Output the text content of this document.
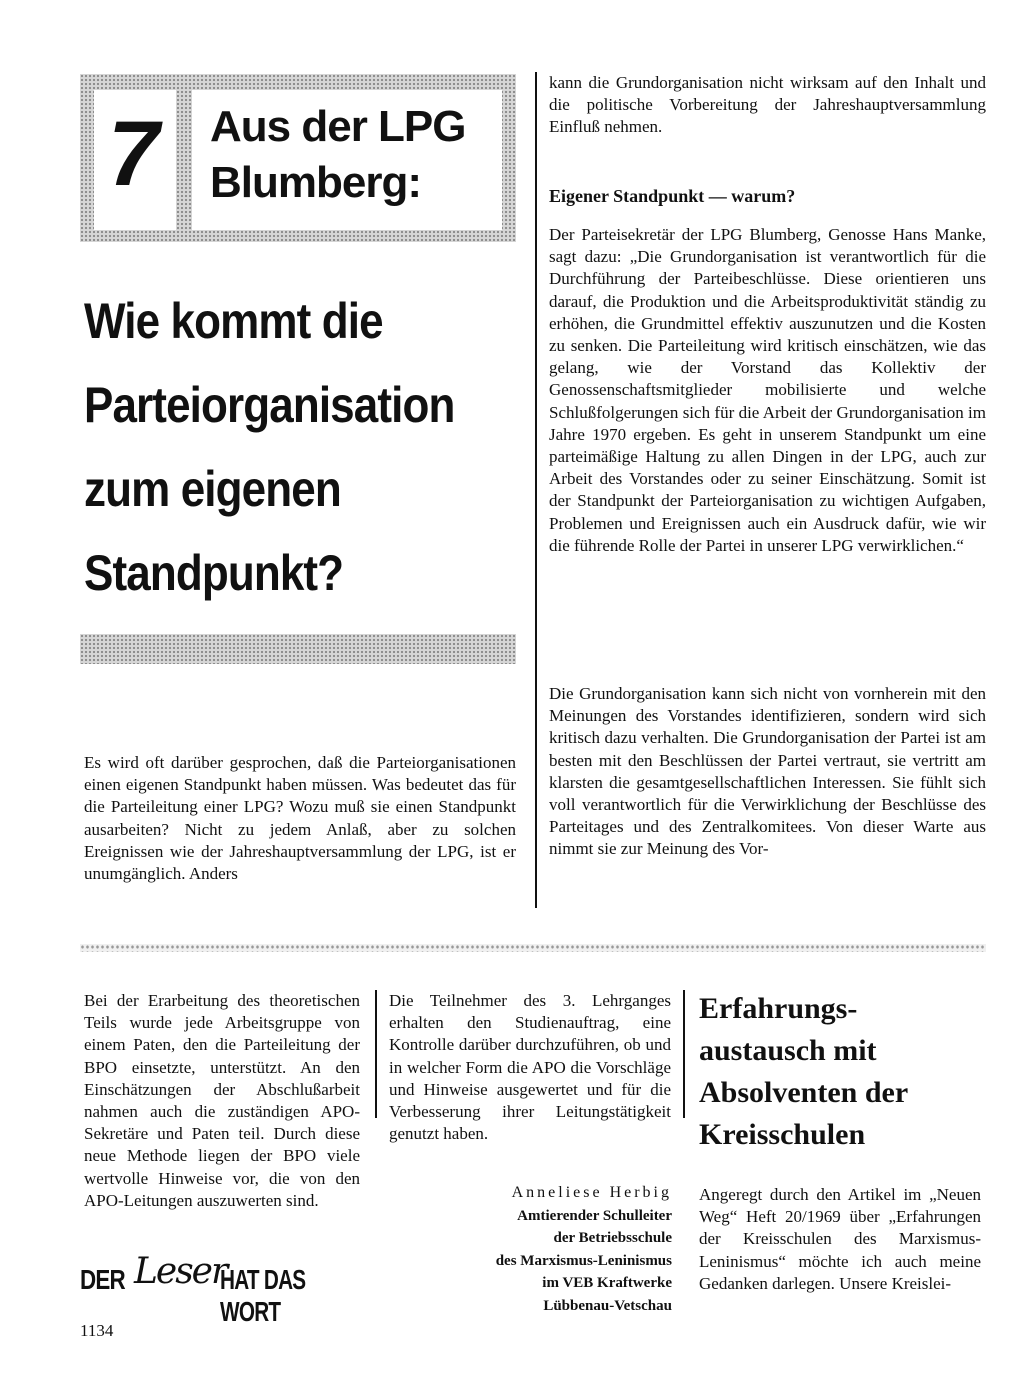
7 Aus der LPG
Blumberg:
Wie kommt die
Parteiorganisation
zum eigenen
Standpunkt?
Es wird oft darüber gesprochen, daß die Parteiorganisationen einen eigenen Standpunkt haben müssen. Was bedeutet das für die Parteileitung einer LPG? Wozu muß sie einen Standpunkt ausarbeiten? Nicht zu jedem Anlaß, aber zu solchen Ereignissen wie der Jahreshauptversammlung der LPG, ist er unumgänglich. Anders
kann die Grundorganisation nicht wirksam auf den Inhalt und die politische Vorbereitung der Jahreshauptversammlung Einfluß nehmen.
Eigener Standpunkt — warum?
Der Parteisekretär der LPG Blumberg, Genosse Hans Manke, sagt dazu: „Die Grundorganisation ist verantwortlich für die Durchführung der Parteibeschlüsse. Diese orientieren uns darauf, die Produktion und die Arbeitsproduktivität ständig zu erhöhen, die Grundmittel effektiv auszunutzen und die Kosten zu senken. Die Parteileitung wird kritisch einschätzen, wie das gelang, wie der Vorstand das Kollektiv der Genossenschaftsmitglieder mobilisierte und welche Schlußfolgerungen sich für die Arbeit der Grundorganisation im Jahre 1970 ergeben. Es geht in unserem Standpunkt um eine parteimäßige Haltung zu allen Dingen in der LPG, auch zur Arbeit des Vorstandes oder zu seiner Einschätzung. Somit ist der Standpunkt der Parteiorganisation zu wichtigen Aufgaben, Problemen und Ereignissen auch ein Ausdruck dafür, wie wir die führende Rolle der Partei in unserer LPG verwirklichen.“
Die Grundorganisation kann sich nicht von vornherein mit den Meinungen des Vorstandes identifizieren, sondern wird sich kritisch dazu verhalten. Die Grundorganisation der Partei ist am besten mit den Beschlüssen der Partei vertraut, sie vertritt am klarsten die gesamtgesellschaftlichen Interessen. Sie fühlt sich voll verantwortlich für die Verwirklichung der Beschlüsse des Parteitages und des Zentralkomitees. Von dieser Warte aus nimmt sie zur Meinung des Vor-
Bei der Erarbeitung des theoretischen Teils wurde jede Arbeitsgruppe von einem Paten, den die Parteileitung der BPO einsetzte, unterstützt. An den Einschätzungen der Abschlußarbeit nahmen auch die zuständigen APO-Sekretäre und Paten teil. Durch diese neue Methode liegen der BPO viele wertvolle Hinweise vor, die von den APO-Leitungen auszuwerten sind.
DER Leser
HAT DAS WORT
1134
Die Teilnehmer des 3. Lehrganges erhalten den Studienauftrag, eine Kontrolle darüber durchzuführen, ob und in welcher Form die APO die Vorschläge und Hinweise ausgewertet und für die Verbesserung ihrer Leitungstätigkeit genutzt haben.
Anneliese Herbig
Amtierender Schulleiter
der Betriebsschule
des Marxismus-Leninismus
im VEB Kraftwerke
Lübbenau-Vetschau
Erfahrungs-
austausch mit
Absolventen der
Kreisschulen
Angeregt durch den Artikel im „Neuen Weg“ Heft 20/1969 über „Erfahrungen der Kreisschulen des Marxismus-Leninismus“ möchte ich auch meine Gedanken darlegen. Unsere Kreislei-
